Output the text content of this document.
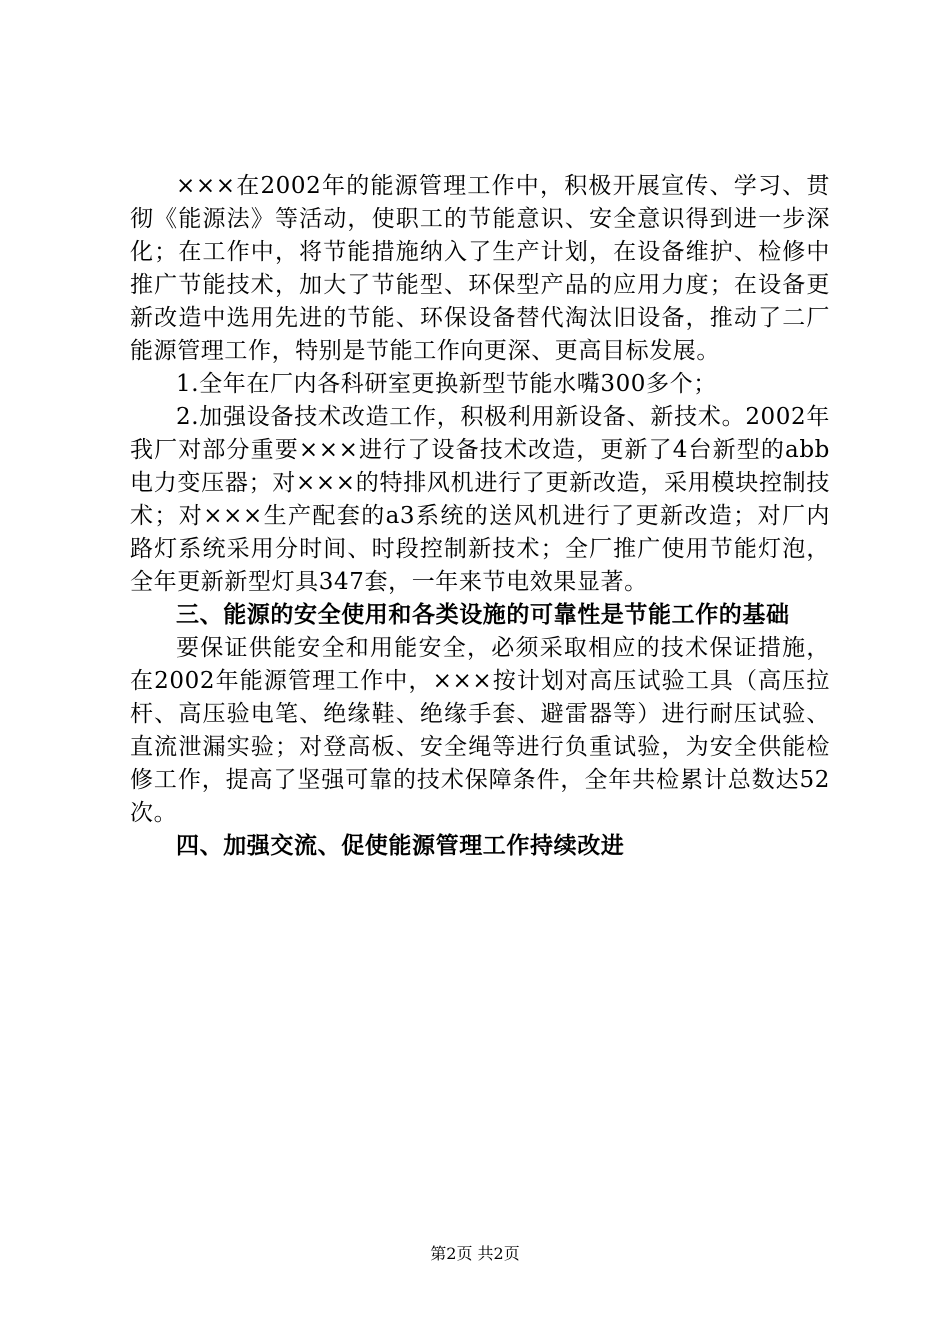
×××在2002年的能源管理工作中，积极开展宣传、学习、贯彻《能源法》等活动，使职工的节能意识、安全意识得到进一步深化；在工作中，将节能措施纳入了生产计划，在设备维护、检修中推广节能技术，加大了节能型、环保型产品的应用力度；在设备更新改造中选用先进的节能、环保设备替代淘汰旧设备，推动了二厂能源管理工作，特别是节能工作向更深、更高目标发展。

1.全年在厂内各科研室更换新型节能水嘴300多个；

2.加强设备技术改造工作，积极利用新设备、新技术。2002年我厂对部分重要×××进行了设备技术改造，更新了4台新型的abb电力变压器；对×××的特排风机进行了更新改造，采用模块控制技术；对×××生产配套的a3系统的送风机进行了更新改造；对厂内路灯系统采用分时间、时段控制新技术；全厂推广使用节能灯泡，全年更新新型灯具347套，一年来节电效果显著。

三、能源的安全使用和各类设施的可靠性是节能工作的基础

要保证供能安全和用能安全，必须采取相应的技术保证措施，在2002年能源管理工作中，×××按计划对高压试验工具（高压拉杆、高压验电笔、绝缘鞋、绝缘手套、避雷器等）进行耐压试验、直流泄漏实验；对登高板、安全绳等进行负重试验，为安全供能检修工作，提高了坚强可靠的技术保障条件，全年共检累计总数达52次。

四、加强交流、促使能源管理工作持续改进

第2页 共2页
